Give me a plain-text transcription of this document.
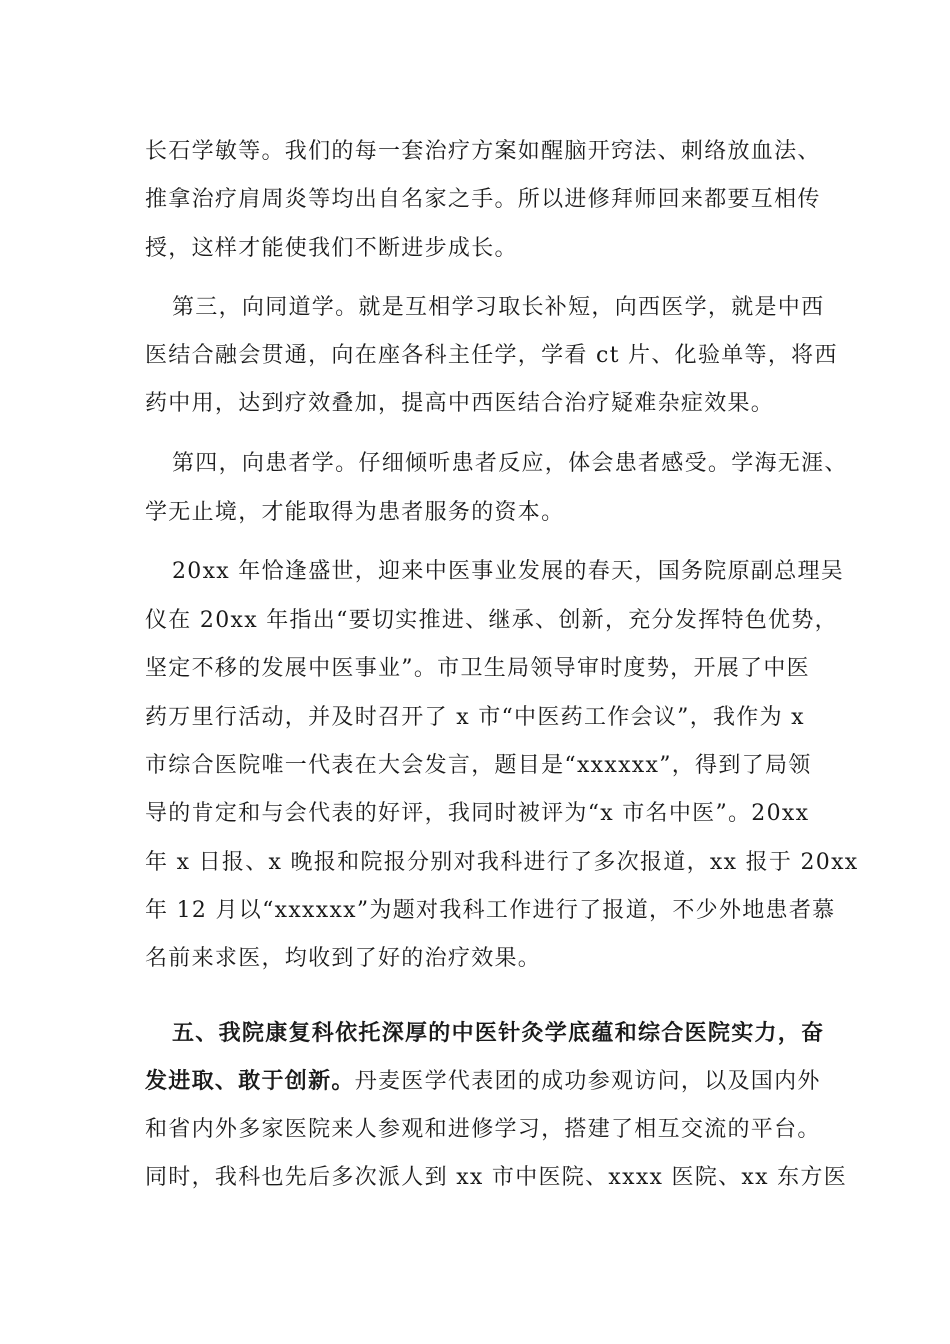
长石学敏等。我们的每一套治疗方案如醒脑开窍法、刺络放血法、
推拿治疗肩周炎等均出自名家之手。所以进修拜师回来都要互相传
授，这样才能使我们不断进步成长。
第三，向同道学。就是互相学习取长补短，向西医学，就是中西
医结合融会贯通，向在座各科主任学，学看 ct 片、化验单等，将西
药中用，达到疗效叠加，提高中西医结合治疗疑难杂症效果。
第四，向患者学。仔细倾听患者反应，体会患者感受。学海无涯、
学无止境，才能取得为患者服务的资本。
20xx 年恰逢盛世，迎来中医事业发展的春天，国务院原副总理吴
仪在 20xx 年指出“要切实推进、继承、创新，充分发挥特色优势，
坚定不移的发展中医事业”。市卫生局领导审时度势，开展了中医
药万里行活动，并及时召开了 x 市“中医药工作会议”，我作为 x
市综合医院唯一代表在大会发言，题目是“xxxxxx”，得到了局领
导的肯定和与会代表的好评，我同时被评为“x 市名中医”。20xx
年 x 日报、x 晚报和院报分别对我科进行了多次报道，xx 报于 20xx
年 12 月以“xxxxxx”为题对我科工作进行了报道，不少外地患者慕
名前来求医，均收到了好的治疗效果。
五、我院康复科依托深厚的中医针灸学底蕴和综合医院实力，奋
发进取、敢于创新。丹麦医学代表团的成功参观访问，以及国内外
和省内外多家医院来人参观和进修学习，搭建了相互交流的平台。
同时，我科也先后多次派人到 xx 市中医院、xxxx 医院、xx 东方医
